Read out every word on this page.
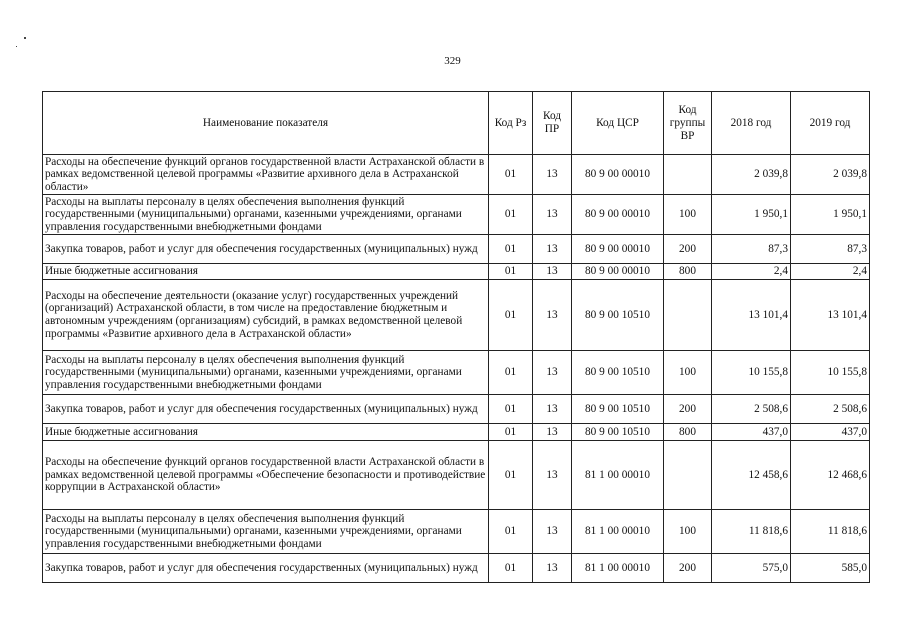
329
Наименование показателя	Код Рз	Код ПР	Код ЦСР	Код группы ВР	2018 год	2019 год
Расходы на обеспечение функций органов государственной власти Астраханской области в рамках ведомственной целевой программы «Развитие архивного дела в Астраханской области»	01	13	80 9 00 00010		2 039,8	2 039,8
Расходы на выплаты персоналу в целях обеспечения выполнения функций государственными (муниципальными) органами, казенными учреждениями, органами управления государственными внебюджетными фондами	01	13	80 9 00 00010	100	1 950,1	1 950,1
Закупка товаров, работ и услуг для обеспечения государственных (муниципальных) нужд	01	13	80 9 00 00010	200	87,3	87,3
Иные бюджетные ассигнования	01	13	80 9 00 00010	800	2,4	2,4
Расходы на обеспечение деятельности (оказание услуг) государственных учреждений (организаций) Астраханской области, в том числе на предоставление бюджетным и автономным учреждениям (организациям) субсидий, в рамках ведомственной целевой программы «Развитие архивного дела в Астраханской области»	01	13	80 9 00 10510		13 101,4	13 101,4
Расходы на выплаты персоналу в целях обеспечения выполнения функций государственными (муниципальными) органами, казенными учреждениями, органами управления государственными внебюджетными фондами	01	13	80 9 00 10510	100	10 155,8	10 155,8
Закупка товаров, работ и услуг для обеспечения государственных (муниципальных) нужд	01	13	80 9 00 10510	200	2 508,6	2 508,6
Иные бюджетные ассигнования	01	13	80 9 00 10510	800	437,0	437,0
Расходы на обеспечение функций органов государственной власти Астраханской области в рамках ведомственной целевой программы «Обеспечение безопасности и противодействие коррупции в Астраханской области»	01	13	81 1 00 00010		12 458,6	12 468,6
Расходы на выплаты персоналу в целях обеспечения выполнения функций государственными (муниципальными) органами, казенными учреждениями, органами управления государственными внебюджетными фондами	01	13	81 1 00 00010	100	11 818,6	11 818,6
Закупка товаров, работ и услуг для обеспечения государственных (муниципальных) нужд	01	13	81 1 00 00010	200	575,0	585,0
